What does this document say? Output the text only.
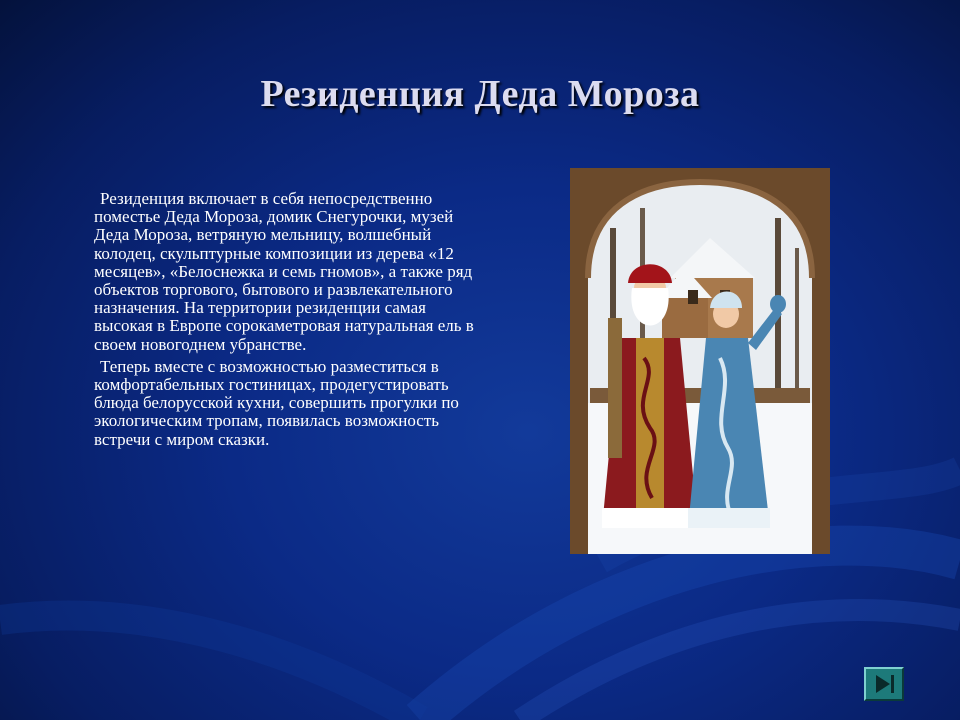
Резиденция Деда Мороза

Резиденция включает в себя непосредственно поместье Деда Мороза, домик Снегурочки, музей Деда Мороза, ветряную мельницу, волшебный колодец, скульптурные композиции из дерева «12 месяцев», «Белоснежка и семь гномов», а также ряд объектов торгового, бытового и развлекательного назначения. На территории резиденции самая высокая в Европе сорокаметровая натуральная ель в своем новогоднем убранстве.

Теперь вместе с возможностью разместиться в комфортабельных гостиницах, продегустировать блюда белорусской кухни, совершить прогулки по экологическим тропам, появилась возможность встречи с миром сказки.
